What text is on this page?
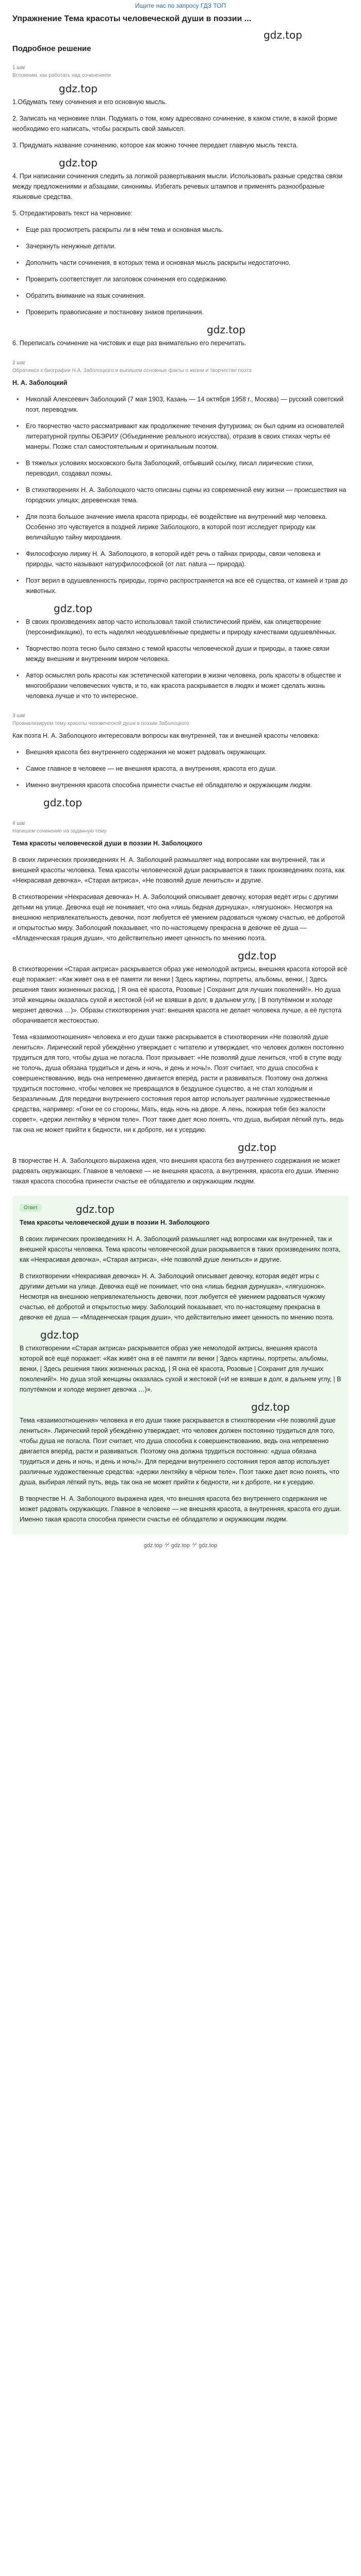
Ищите нас по запросу ГДЗ ТОП
Упражнение Тема красоты человеческой души в поэзии ...
gdz.top
Подробное решение
1 шаг
Вспомним, как работать над сочинением
gdz.top

1.Обдумать тему сочинения и его основную мысль.

2. Записать на черновике план. Подумать о том, кому адресовано сочинение, в каком стиле, в какой форме необходимо его написать, чтобы раскрыть свой замысел.

3. Придумать название сочинению, которое как можно точнее передает главную мысль текста.

gdz.top

4. При написании сочинения следить за логикой развертывания мысли. Использовать разные средства связи между предложениями и абзацами, синонимы. Избегать речевых штампов и применять разнообразные языковые средства.

5. Отредактировать текст на черновике:

• Еще раз просмотреть раскрыты ли в нём тема и основная мысль.
• Зачеркнуть ненужные детали.
• Дополнить части сочинения, в которых тема и основная мысль раскрыты недостаточно.
• Проверить соответствует ли заголовок сочинения его содержанию.
• Обратить внимание на язык сочинения.
• Проверить правописание и постановку знаков препинания.
gdz.top

6. Переписать сочинение на чистовик и еще раз внимательно его перечитать.

2 шаг
Обратимся к биографии Н.А. Заболоцкого и выпишем основные факты о жизни и творчестве поэта

Н. А. Заболоцкий

• Николай Алексеевич Заболоцкий (7 мая 1903, Казань — 14 октября 1958 г., Москва) — русский советский поэт, переводчик.
• Его творчество часто рассматривают как продолжение течения футуризма; он был одним из основателей литературной группы ОБЭРИУ (Объединение реального искусства), отразив в своих стихах черты её манеры. Позже стал самостоятельным и оригинальным поэтом.
• В тяжелых условиях московского быта Заболоцкий, отбывший ссылку, писал лирические стихи, переводил, создавал поэмы.
• В стихотворениях Н. А. Заболоцкого часто описаны сцены из современной ему жизни — происшествия на городских улицах; деревенская тема.
• Для поэта большое значение имела красота природы, её воздействие на внутренний мир человека. Особенно это чувствуется в поздней лирике Заболоцкого, в которой поэт исследует природу как величайшую тайну мироздания.
• Философскую лирику Н. А. Заболоцкого, в которой идёт речь о тайнах природы, связи человека и природы, часто называют натурфилософской (от лат. natura — природа).
• Поэт верил в одушевленность природы, горячо распространяется на все её существа, от камней и трав до животных.
gdz.top
• В своих произведениях автор часто использовал такой стилистический приём, как олицетворение (персонификацию), то есть наделял неодушевлённые предметы и природу качествами одушевлённых.
• Творчество поэта тесно было связано с темой красоты человеческой души и природы, а также связи между внешним и внутренним миром человека.
• Автор осмыслял роль красоты как эстетической категории в жизни человека, роль красоты в обществе и многообразии человеческих чувств, и то, как красота раскрывается в людях и может сделать жизнь человека лучше и что то интересное.
3 шаг
Проанализируем тему красоты человеческой души в поэзии Заболоцкого

Как поэта Н. А. Заболоцкого интересовали вопросы как внутренней, так и внешней красоты человека:

• Внешняя красота без внутреннего содержания не может радовать окружающих.
• Самое главное в человеке — не внешняя красота, а внутренняя, красота его души.
• Именно внутренняя красота способна принести счастье её обладателю и окружающим людям.
gdz.top
4 шаг
Напишем сочинение на заданную тему

Тема красоты человеческой души в поэзии Н. Заболоцкого

В своих лирических произведениях Н. А. Заболоцкий размышляет над вопросами как внутренней, так и внешней красоты человека. Тема красоты человеческой души раскрывается в таких произведениях поэта, как «Некрасивая девочка», «Старая актриса», «Не позволяй душе лениться» и другие.

В стихотворении «Некрасивая девочка» Н. А. Заболоцкий описывает девочку, которая ведёт игры с другими детьми на улице. Девочка ещё не понимает, что она «лишь бедная дурнушка», «лягушонок». Несмотря на внешнюю непривлекательность девочки, поэт любуется её умением радоваться чужому счастью, её добротой и открытостью миру. Заболоцкий показывает, что по-настоящему прекрасна в девочке её душа — «Младенческая грация души», что действительно имеет ценность по мнению поэта.

gdz.top

В стихотворении «Старая актриса» раскрывается образ уже немолодой актрисы, внешняя красота которой всё ещё поражает: «Как живёт она в её памяти ли венки | Здесь картины, портреты, альбомы, венки, | Здесь решения таких жизненных расход, | Я она её красота, Розовые | Сохранит для лучших поколений!». Но душа этой женщины оказалась сухой и жестокой («И не взявши в долг, в дальнем углу, | В полутёмном и холоде мерзнет девочка …)». Образы стихотворения учат: внешняя красота не делает человека лучше, а её пустота оборачивается жестокостью.

Тема «взаимоотношения» человека и его души также раскрывается в стихотворении «Не позволяй душе лениться». Лирический герой убеждённо утверждает с читателю и утверждает, что человек должен постоянно трудиться для того, чтобы душа не погасла. Поэт призывает: «Не позволяй душе лениться, чтоб в ступе воду не толочь, душа обязана трудиться и день и ночь, и день и ночь!». Поэт считает, что душа способна к совершенствованию, ведь она непременно двигается вперёд, расти и развиваться. Поэтому она должна трудиться постоянно, чтобы человек не превращался в бездушное существо, а не стал холодным и безразличным. Для передачи внутреннего состояния героя автор использует различные художественные средства, например: «Гони ее со стороны, Мать, ведь ночь на дворе. А лень, пожирая тебя без жалости сорвет», «держи лентяйку в чёрном теле». Поэт также дает ясно понять, что душа, выбирая лёгкий путь, ведь так она не может прийти к бедности, ни к доброте, ни к усердию.

gdz.top

В творчестве Н. А. Заболоцкого выражена идея, что внешняя красота без внутреннего содержания не может радовать окружающих. Главное в человеке — не внешняя красота, а внутренняя, красота его души. Именно такая красота способна принести счастье её обладателю и окружающим людям.

Ответ	gdz.top

Тема красоты человеческой души в поэзии Н. Заболоцкого

В своих лирических произведениях Н. А. Заболоцкий размышляет над вопросами как внутренней, так и внешней красоты человека. Тема красоты человеческой души раскрывается в таких произведениях поэта, как «Некрасивая девочка», «Старая актриса», «Не позволяй душе лениться» и другие.

В стихотворении «Некрасивая девочка» Н. А. Заболоцкий описывает девочку, которая ведёт игры с другими детьми на улице. Девочка ещё не понимает, что она «лишь бедная дурнушка», «лягушонок». Несмотря на внешнюю непривлекательность девочки, поэт любуется её умением радоваться чужому счастью, её добротой и открытостью миру. Заболоцкий показывает, что по-настоящему прекрасна в девочке её душа — «Младенческая грация души», что действительно имеет ценность по мнению поэта.

gdz.top

В стихотворении «Старая актриса» раскрывается образ уже немолодой актрисы, внешняя красота которой всё ещё поражает: «Как живёт она в её памяти ли венки | Здесь картины, портреты, альбомы, венки, | Здесь решения таких жизненных расход, | Я она её красота, Розовые | Сохранит для лучших поколений!». Но душа этой женщины оказалась сухой и жестокой («И не взявши в долг, в дальнем углу, | В полутёмном и холоде мерзнет девочка …)».

gdz.top

Тема «взаимоотношения» человека и его души также раскрывается в стихотворении «Не позволяй душе лениться». Лирический герой убеждённо утверждает, что человек должен постоянно трудиться для того, чтобы душа не погасла. Поэт считает, что душа способна к совершенствованию, ведь она непременно двигается вперёд, расти и развиваться. Поэтому она должна трудиться постоянно: «душа обязана трудиться и день и ночь, и день и ночь!». Для передачи внутреннего состояния героя автор использует различные художественные средства: «держи лентяйку в чёрном теле». Поэт также дает ясно понять, что душа, выбирая лёгкий путь, ведь так она не может прийти к бедности, ни к доброте, ни к усердию.

В творчестве Н. А. Заболоцкого выражена идея, что внешняя красота без внутреннего содержания не может радовать окружающих. Главное в человеке — не внешняя красота, а внутренняя, красота его души. Именно такая красота способна принести счастье её обладателю и окружающим людям.

gdz.top ゲ gdz.top ゲ gdz.top
